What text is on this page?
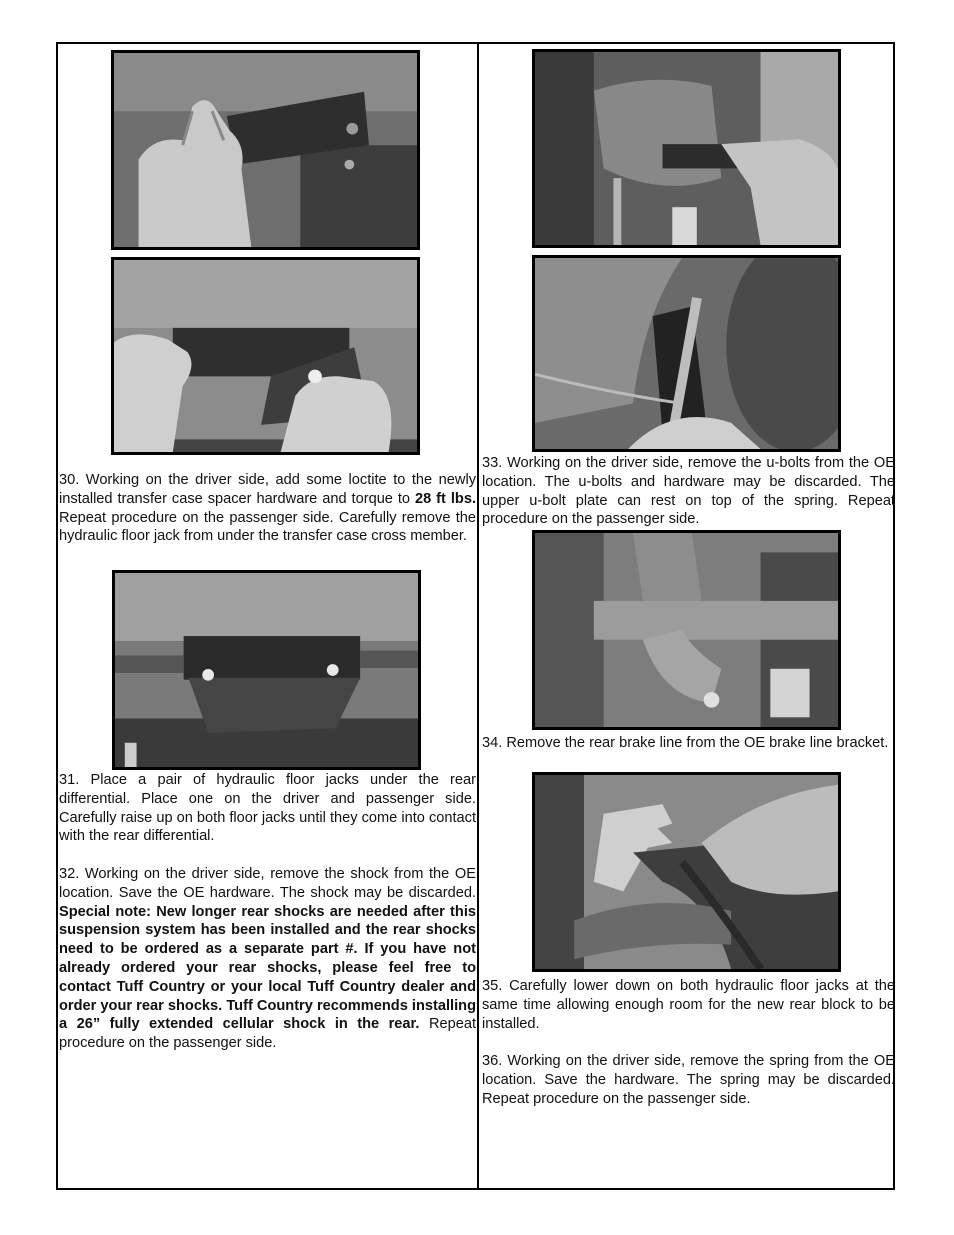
30. Working on the driver side, add some loctite to the newly installed transfer case spacer hardware and torque to 28 ft lbs. Repeat procedure on the passenger side. Carefully remove the hydraulic floor jack from under the transfer case cross member.

31. Place a pair of hydraulic floor jacks under the rear differential. Place one on the driver and passenger side. Carefully raise up on both floor jacks until they come into contact with the rear differential.

32. Working on the driver side, remove the shock from the OE location. Save the OE hardware. The shock may be discarded. Special note: New longer rear shocks are needed after this suspension system has been installed and the rear shocks need to be ordered as a separate part #. If you have not already ordered your rear shocks, please feel free to contact Tuff Country or your local Tuff Country dealer and order your rear shocks. Tuff Country recommends installing a 26” fully extended cellular shock in the rear. Repeat procedure on the passenger side.

33. Working on the driver side, remove the u-bolts from the OE location. The u-bolts and hardware may be discarded. The upper u-bolt plate can rest on top of the spring. Repeat procedure on the passenger side.

34. Remove the rear brake line from the OE brake line bracket.

35. Carefully lower down on both hydraulic floor jacks at the same time allowing enough room for the new rear block to be installed.

36. Working on the driver side, remove the spring from the OE location. Save the hardware. The spring may be discarded. Repeat procedure on the passenger side.
